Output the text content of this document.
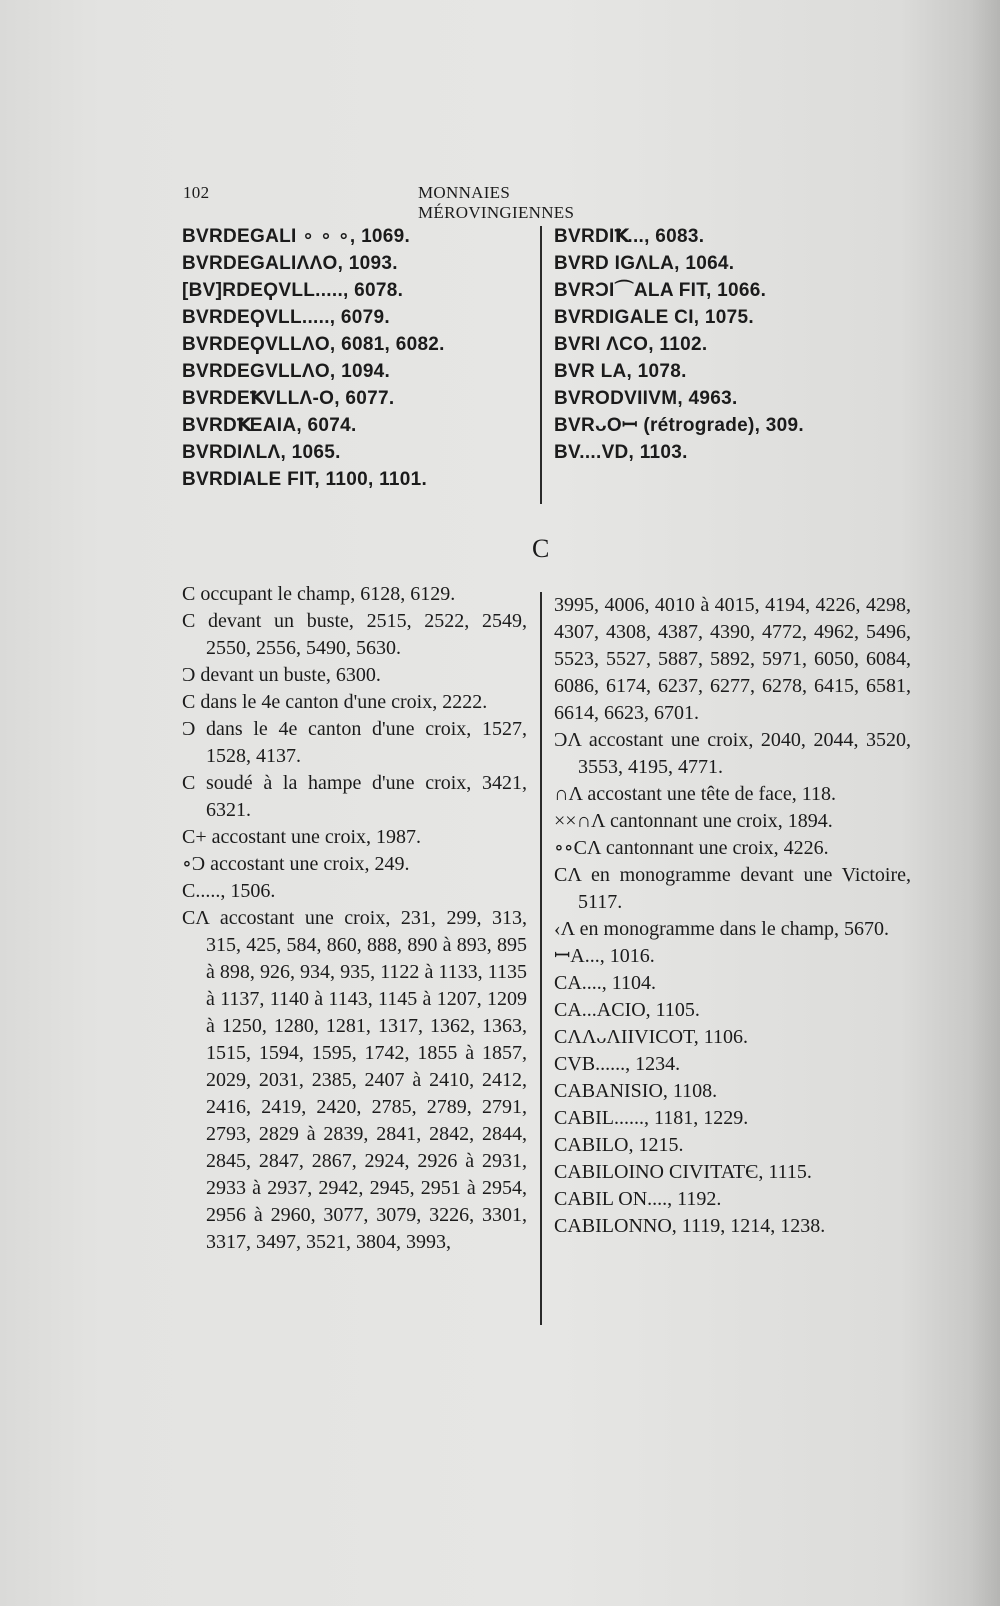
102	MONNAIES MÉROVINGIENNES
BVRDEGALI ∘ ∘ ∘, 1069.
BVRDEGALIΛΛO, 1093.
[BV]RDEϘVLL....., 6078.
BVRDEϘVLL....., 6079.
BVRDEϘVLLΛO, 6081, 6082.
BVRDEGVLLΛO, 1094.
BVRDEꝀVLLΛ-O, 6077.
BVRDꝀEAIA, 6074.
BVRDIΛLΛ, 1065.
BVRDIALE FIT, 1100, 1101.
BVRDIꝀ..., 6083.
BVRD IGΛLA, 1064.
BVRƆI⌒ALA FIT, 1066.
BVRDIGALE CI, 1075.
BVRI ΛCO, 1102.
BVR LA, 1078.
BVRODVIIVM, 4963.
BVRᴗOꟷ (rétrograde), 309.
BV....VD, 1103.
C
C occupant le champ, 6128, 6129.
C devant un buste, 2515, 2522, 2549, 2550, 2556, 5490, 5630.
Ɔ devant un buste, 6300.
C dans le 4e canton d'une croix, 2222.
Ɔ dans le 4e canton d'une croix, 1527, 1528, 4137.
C soudé à la hampe d'une croix, 3421, 6321.
C+ accostant une croix, 1987.
∘Ɔ accostant une croix, 249.
C....., 1506.
CΛ accostant une croix, 231, 299, 313, 315, 425, 584, 860, 888, 890 à 893, 895 à 898, 926, 934, 935, 1122 à 1133, 1135 à 1137, 1140 à 1143, 1145 à 1207, 1209 à 1250, 1280, 1281, 1317, 1362, 1363, 1515, 1594, 1595, 1742, 1855 à 1857, 2029, 2031, 2385, 2407 à 2410, 2412, 2416, 2419, 2420, 2785, 2789, 2791, 2793, 2829 à 2839, 2841, 2842, 2844, 2845, 2847, 2867, 2924, 2926 à 2931, 2933 à 2937, 2942, 2945, 2951 à 2954, 2956 à 2960, 3077, 3079, 3226, 3301, 3317, 3497, 3521, 3804, 3993,
3995, 4006, 4010 à 4015, 4194, 4226, 4298, 4307, 4308, 4387, 4390, 4772, 4962, 5496, 5523, 5527, 5887, 5892, 5971, 6050, 6084, 6086, 6174, 6237, 6277, 6278, 6415, 6581, 6614, 6623, 6701.
ƆΛ accostant une croix, 2040, 2044, 3520, 3553, 4195, 4771.
∩Λ accostant une tête de face, 118.
××∩Λ cantonnant une croix, 1894.
∘∘CΛ cantonnant une croix, 4226.
CΛ en monogramme devant une Victoire, 5117.
‹Λ en monogramme dans le champ, 5670.
ꟷA..., 1016.
CA...., 1104.
CA...ACIO, 1105.
CΛΛᴗΛIIVICOT, 1106.
CVB......, 1234.
CABANISIO, 1108.
CABIL......, 1181, 1229.
CABILO, 1215.
CABILOINO CIVITATЄ, 1115.
CABIL ON...., 1192.
CABILONNO, 1119, 1214, 1238.
